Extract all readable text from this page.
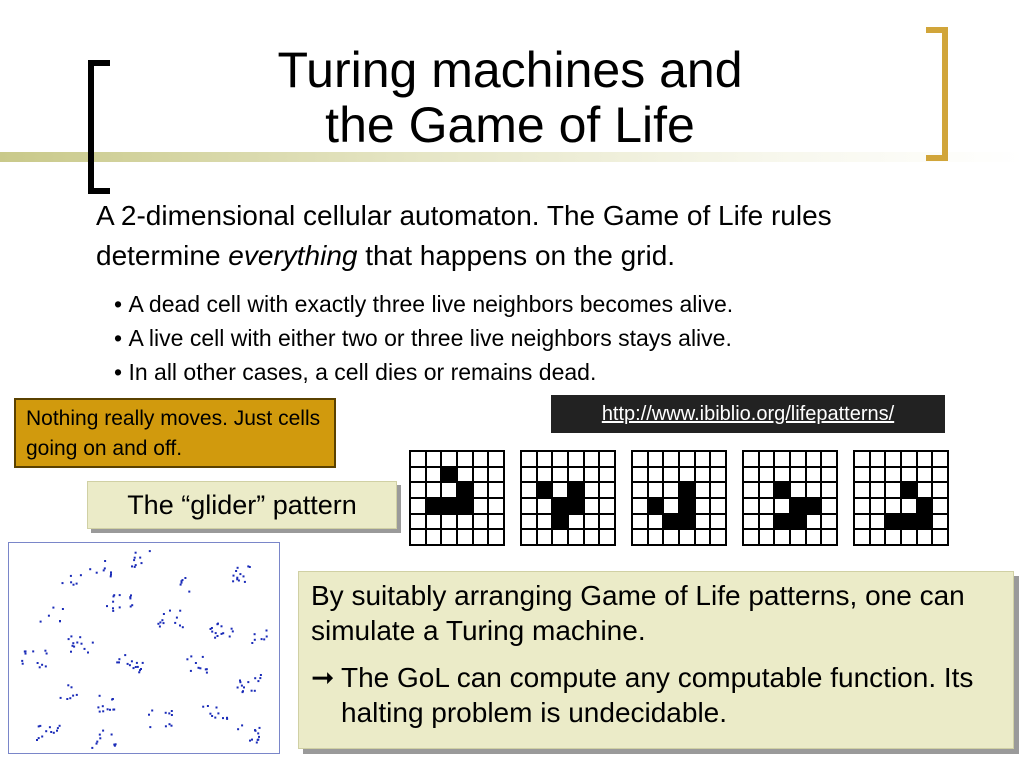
Turing machines and
the Game of Life
A 2-dimensional cellular automaton. The Game of Life rules determine everything that happens on the grid.
• A dead cell with exactly three live neighbors becomes alive.
• A live cell with either two or three live neighbors stays alive.
• In all other cases, a cell dies or remains dead.
http://www.ibiblio.org/lifepatterns/
Nothing really moves. Just cells going on and off.
The “glider” pattern

By suitably arranging Game of Life patterns, one can simulate a Turing machine.

➞ The GoL can compute any computable function. Its halting problem is undecidable.
